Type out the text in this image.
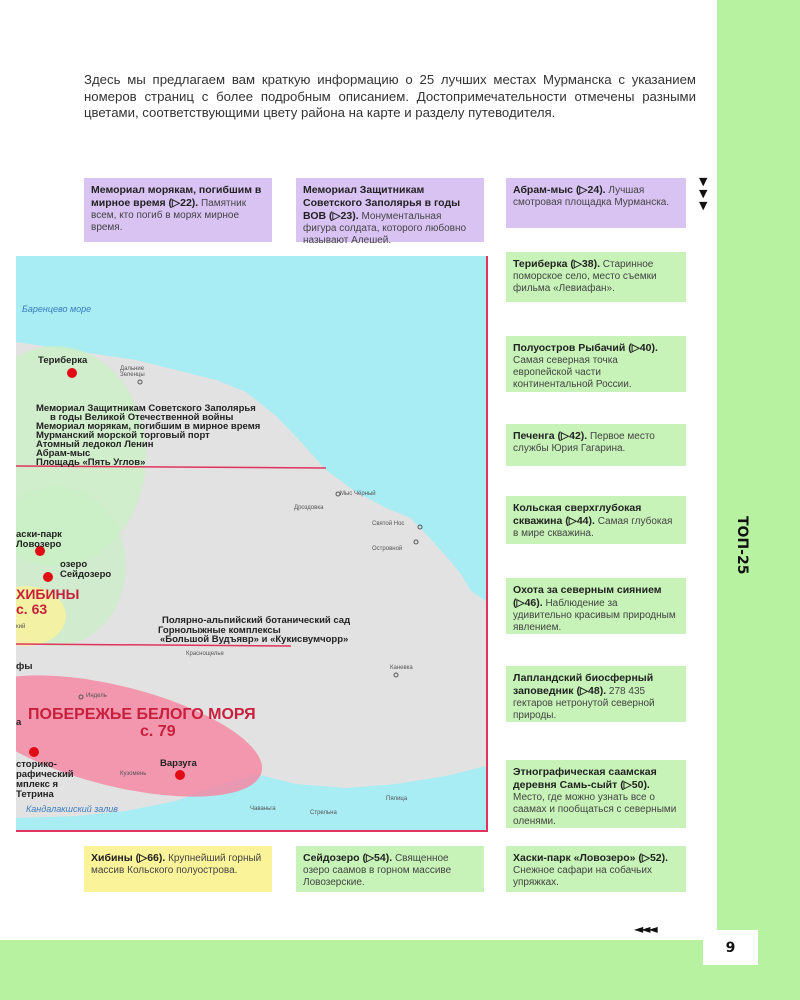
9
ТОП-25
Здесь мы предлагаем вам краткую информацию о 25 лучших местах Мурманска с указанием номеров страниц с более подробным описанием. Достопримечательности отмечены разными цветами, соответствующими цвету района на карте и разделу путеводителя.
Мемориал морякам, погибшим в мирное время (▷22). Памятник всем, кто погиб в морях мирное время.
Мемориал Защитникам Советского Заполярья в годы ВОВ (▷23). Монументальная фигура солдата, которого любовно называют Алешей.
Абрам-мыс (▷24). Лучшая смотровая площадка Мурманска.
▼ ▼ ▼
Териберка (▷38). Старинное поморское село, место съемки фильма «Левиафан».
Полуостров Рыбачий (▷40). Самая северная точка европейской части континентальной России.
Печенга (▷42). Первое место службы Юрия Гагарина.
Кольская сверхглубокая скважина (▷44). Самая глубокая в мире скважина.
Охота за северным сиянием (▷46). Наблюдение за удивительно красивым природным явлением.
Лапландский биосферный заповедник (▷48). 278 435 гектаров нетронутой северной природы.
Этнографическая саамская деревня Самь-сыйт (▷50). Место, где можно узнать все о саамах и пообщаться с северными оленями.
Хаски-парк «Ловозеро» (▷52). Снежное сафари на собачьих упряжках.
Хибины (▷66). Крупнейший горный массив Кольского полуострова.
Сейдозеро (▷54). Священное озеро саамов в горном массиве Ловозерские.
◄◄◄
Баренцево море
Кандалакшский залив
Териберка
Дальние Зеленцы
Мемориал Защитникам Советского Заполярья
в годы Великой Отечественной войны
Мемориал морякам, погибшим в мирное время
Мурманский морской торговый порт
Атомный ледокол Ленин
Абрам-мыс
Площадь «Пять Углов»
Мыс Чёрный
Дроздовка
Святой Нос
Островной
аски-парк Ловозеро
озеро Сейдозеро
ХИБИНЫ
с. 63
кий
Полярно-альпийский ботанический сад
Горнолыжные комплексы
«Большой Вудъявр» и «Кукисвумчорр»
Краснощелье
Каневка
фы
а
Индель
ПОБЕРЕЖЬЕ БЕЛОГО МОРЯ
с. 79
сторико- рафический мплекс я Тетрина
Варзуга
Кузомень
Пялица
Чаваньга
Стрельна
